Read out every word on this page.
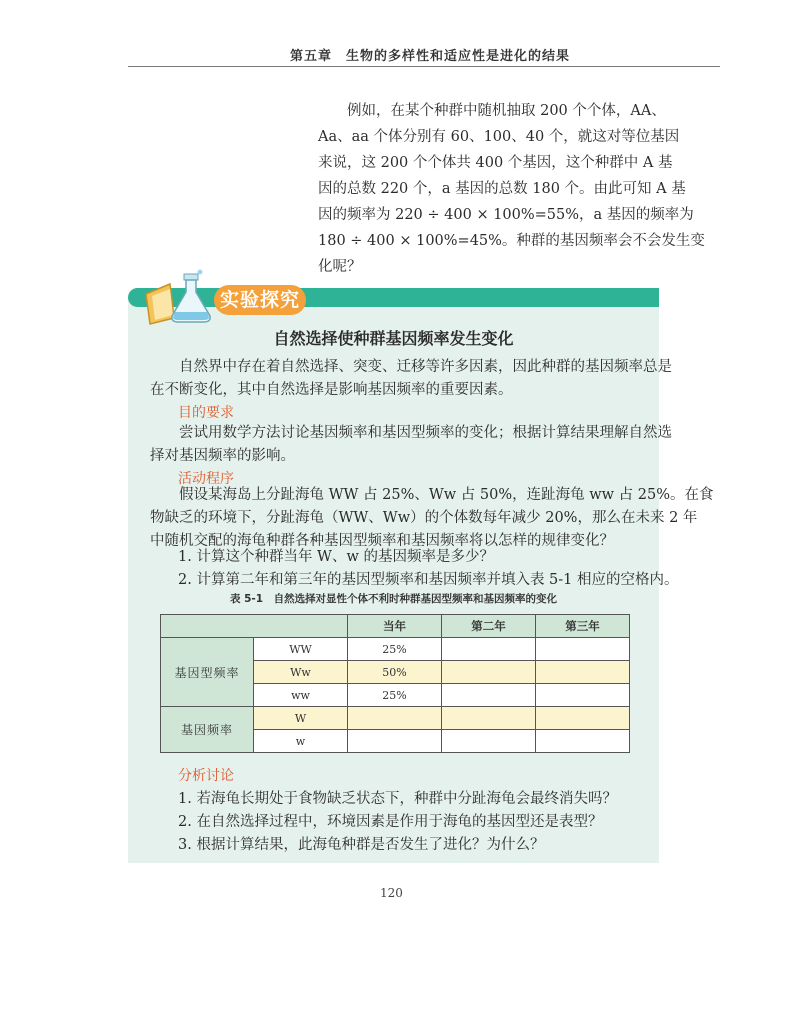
第五章　生物的多样性和适应性是进化的结果

例如，在某个种群中随机抽取 200 个个体，AA、

Aa、aa 个体分别有 60、100、40 个，就这对等位基因
来说，这 200 个个体共 400 个基因，这个种群中 A 基
因的总数 220 个，a 基因的总数 180 个。由此可知 A 基
因的频率为 220 ÷ 400 × 100%=55%，a 基因的频率为
180 ÷ 400 × 100%=45%。种群的基因频率会不会发生变
化呢？
实验探究
自然选择使种群基因频率发生变化
自然界中存在着自然选择、突变、迁移等许多因素，因此种群的基因频率总是
在不断变化，其中自然选择是影响基因频率的重要因素。
目的要求
尝试用数学方法讨论基因频率和基因型频率的变化；根据计算结果理解自然选
择对基因频率的影响。
活动程序
假设某海岛上分趾海龟 WW 占 25%、Ww 占 50%，连趾海龟 ww 占 25%。在食
物缺乏的环境下，分趾海龟（WW、Ww）的个体数每年减少 20%，那么在未来 2 年
中随机交配的海龟种群各种基因型频率和基因频率将以怎样的规律变化？
1. 计算这个种群当年 W、w 的基因频率是多少？
2. 计算第二年和第三年的基因型频率和基因频率并填入表 5-1 相应的空格内。
表 5-1　自然选择对显性个体不利时种群基因型频率和基因频率的变化
		当年	第二年	第三年
基因型频率	WW	25%		
	Ww	50%		
	ww	25%		
基因频率	W			
	w			
分析讨论
1. 若海龟长期处于食物缺乏状态下，种群中分趾海龟会最终消失吗？
2. 在自然选择过程中，环境因素是作用于海龟的基因型还是表型？
3. 根据计算结果，此海龟种群是否发生了进化？为什么？
120
